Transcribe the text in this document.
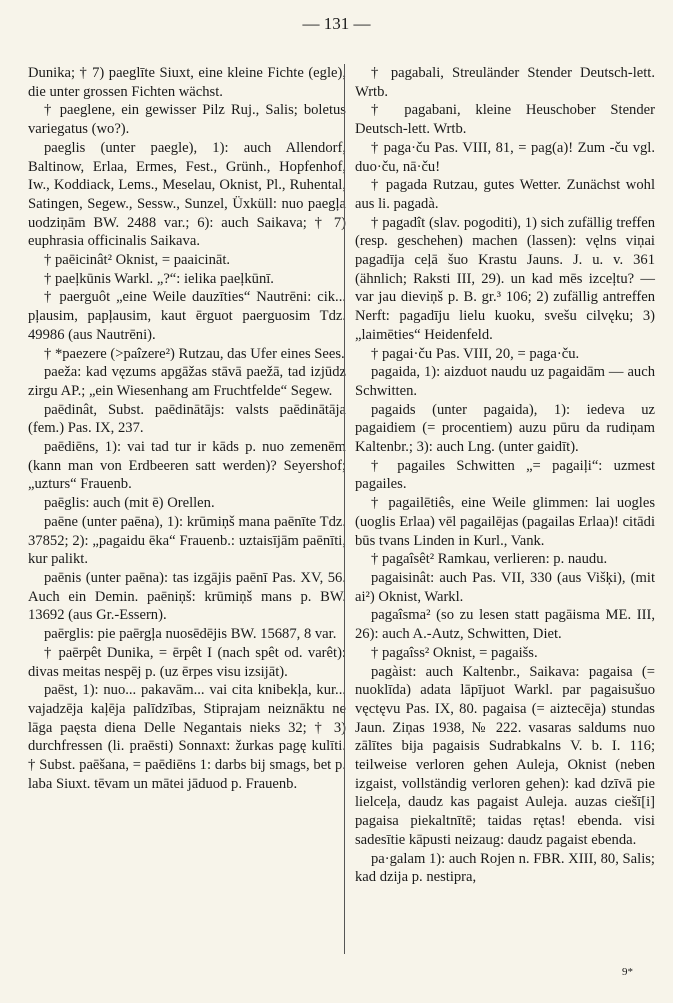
— 131 —

Dunika; † 7) paeglīte Siuxt, eine kleine Fichte (egle), die unter grossen Fichten wächst.

† paeglene, ein gewisser Pilz Ruj., Salis; boletus variegatus (wo?).

paeglis (unter paegle), 1): auch Allendorf, Baltinow, Erlaa, Ermes, Fest., Grünh., Hopfenhof, Iw., Koddiack, Lems., Meselau, Oknist, Pl., Ruhental, Satingen, Segew., Sessw., Sunzel, Üxküll: nuo paegļa uodziņām BW. 2488 var.; 6): auch Saikava; † 7) euphrasia officinalis Saikava.

† paēicinât² Oknist, = paaicināt.

† paeļkūnis Warkl. „?“: ielika paeļkūnī.

† paerguôt „eine Weile dauzīties“ Nautrēni: cik... pļausim, papļausim, kaut ērguot paerguosim Tdz. 49986 (aus Nautrēni).

† *paezere (>paîzere²) Rutzau, das Ufer eines Sees.

paeža: kad vęzums apgāžas stāvā paežā, tad izjūdz zirgu AP.; „ein Wiesenhang am Fruchtfelde“ Segew.

paēdinât, Subst. paēdinātājs: valsts paēdinātāja (fem.) Pas. IX, 237.

paēdiēns, 1): vai tad tur ir kāds p. nuo zemenēm (kann man von Erdbeeren satt werden)? Seyershof; „uzturs“ Frauenb.

paēglis: auch (mit ē) Orellen.

paēne (unter paēna), 1): krūmiņš mana paēnīte Tdz. 37852; 2): „pagaidu ēka“ Frauenb.: uztaisījām paēnīti, kur palikt.

paēnis (unter paēna): tas izgājis paēnī Pas. XV, 56. Auch ein Demin. paēniņš: krūmiņš mans p. BW. 13692 (aus Gr.-Essern).

paērglis: pie paērgļa nuosēdējis BW. 15687, 8 var.

† paērpêt Dunika, = ērpêt I (nach spêt od. varêt): divas meitas nespēj p. (uz ērpes visu izsijāt).

paēst, 1): nuo... pakavām... vai cita knibekļa, kur... vajadzēja kaļēja palīdzības, Stiprajam neiznāktu ne lāga paęsta diena Delle Negantais nieks 32; † 3) durchfressen (li. praēsti) Sonnaxt: žurkas pagę kulīti. † Subst. paēšana, = paēdiēns 1: darbs bij smags, bet p. laba Siuxt. tēvam un mātei jāduod p. Frauenb.

† pagabali, Streuländer Stender Deutsch-lett. Wrtb.

† pagabani, kleine Heuschober Stender Deutsch-lett. Wrtb.

† paga·ču Pas. VIII, 81, = pag(a)! Zum -ču vgl. duo·ču, nā·ču!

† pagada Rutzau, gutes Wetter. Zunächst wohl aus li. pagadà.

† pagadît (slav. pogoditi), 1) sich zufällig treffen (resp. geschehen) machen (lassen): vęlns viņai pagadīja ceļā šuo Krastu Jauns. J. u. v. 361 (ähnlich; Raksti III, 29). un kad mēs izceļtu? — var jau dieviņš p. B. gr.³ 106; 2) zufällig antreffen Nerft: pagadīju lielu kuoku, svešu cilvęku; 3) „laimēties“ Heidenfeld.

† pagai·ču Pas. VIII, 20, = paga·ču.

pagaida, 1): aizduot naudu uz pagaidām — auch Schwitten.

pagaids (unter pagaida), 1): iedeva uz pagaidiem (= procentiem) auzu pūru da rudiņam Kaltenbr.; 3): auch Lng. (unter gaidīt).

† pagailes Schwitten „= pagaiļi“: uzmest pagailes.

† pagailētiês, eine Weile glimmen: lai uogles (uoglis Erlaa) vēl pagailējas (pagailas Erlaa)! citādi būs tvans Linden in Kurl., Vank.

† pagaîsêt² Ramkau, verlieren: p. naudu.

pagaisinât: auch Pas. VII, 330 (aus Višķi), (mit ai²) Oknist, Warkl.

pagaîsma² (so zu lesen statt pagāisma ME. III, 26): auch A.-Autz, Schwitten, Diet.

† pagaîss² Oknist, = pagaišs.

pagàist: auch Kaltenbr., Saikava: pagaisa (= nuoklīda) adata lāpījuot Warkl. par pagaisušuo vęctęvu Pas. IX, 80. pagaisa (= aiztecēja) stundas Jaun. Ziņas 1938, № 222. vasaras saldums nuo zālītes bija pagaisis Sudrabkalns V. b. I. 116; teilweise verloren gehen Auleja, Oknist (neben izgaist, vollständig verloren gehen): kad dzīvā pie lielceļa, daudz kas pagaist Auleja. auzas ciešī[i] pagaisa piekaltnītē; taidas rętas! ebenda. visi sadesītie kāpusti neizaug: daudz pagaist ebenda.

pa·galam 1): auch Rojen n. FBR. XIII, 80, Salis; kad dzija p. nestipra,

9*
